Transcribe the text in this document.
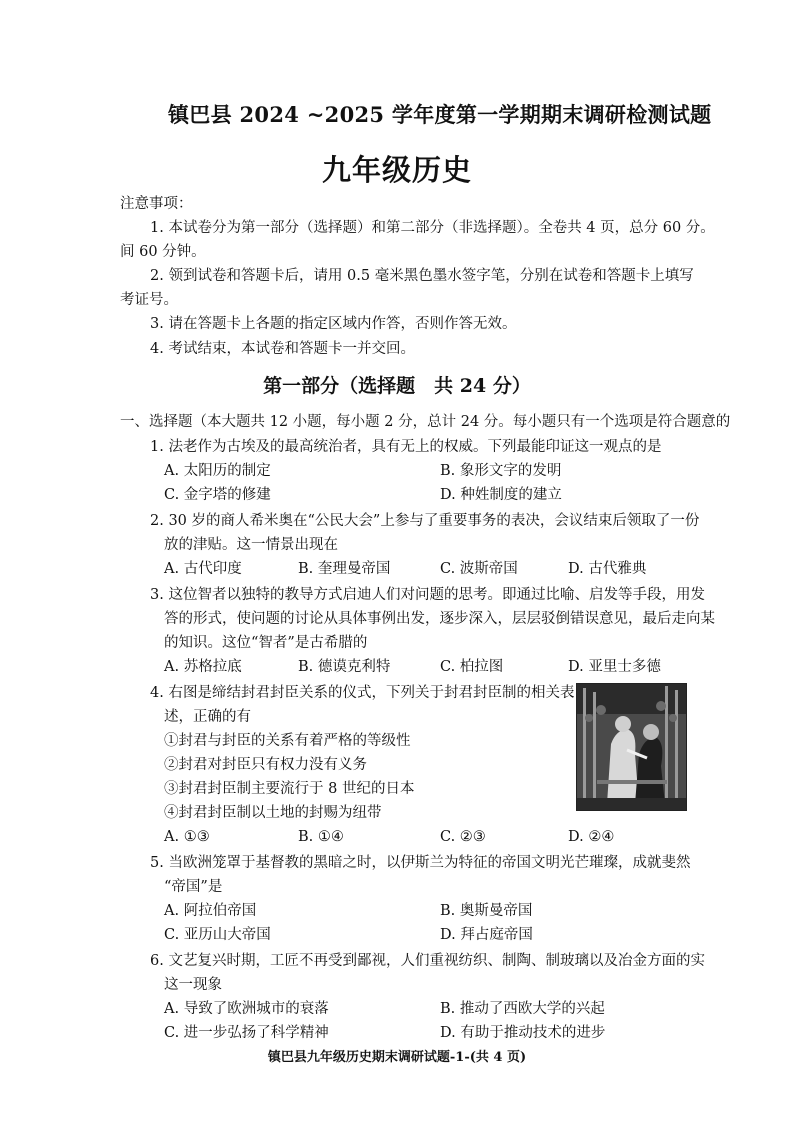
镇巴县 2024 ~2025 学年度第一学期期末调研检测试题
九年级历史
注意事项：
1. 本试卷分为第一部分（选择题）和第二部分（非选择题）。全卷共 4 页，总分 60 分。
间 60 分钟。
2. 领到试卷和答题卡后，请用 0.5 毫米黑色墨水签字笔，分别在试卷和答题卡上填写
考证号。
3. 请在答题卡上各题的指定区域内作答，否则作答无效。
4. 考试结束，本试卷和答题卡一并交回。
第一部分（选择题　共 24 分）
一、选择题（本大题共 12 小题，每小题 2 分，总计 24 分。每小题只有一个选项是符合题意的
1. 法老作为古埃及的最高统治者，具有无上的权威。下列最能印证这一观点的是
A. 太阳历的制定	B. 象形文字的发明
C. 金字塔的修建	D. 种姓制度的建立
2. 30 岁的商人希米奥在“公民大会”上参与了重要事务的表决，会议结束后领取了一份
放的津贴。这一情景出现在
A. 古代印度	B. 奎理曼帝国	C. 波斯帝国	D. 古代雅典
3. 这位智者以独特的教导方式启迪人们对问题的思考。即通过比喻、启发等手段，用发
答的形式，使问题的讨论从具体事例出发，逐步深入，层层驳倒错误意见，最后走向某
的知识。这位“智者”是古希腊的
A. 苏格拉底	B. 德谟克利特	C. 柏拉图	D. 亚里士多德
4. 右图是缔结封君封臣关系的仪式，下列关于封君封臣制的相关表
述，正确的有
①封君与封臣的关系有着严格的等级性
②封君对封臣只有权力没有义务
③封君封臣制主要流行于 8 世纪的日本
④封君封臣制以土地的封赐为纽带
A. ①③	B. ①④	C. ②③	D. ②④
5. 当欧洲笼罩于基督教的黑暗之时，以伊斯兰为特征的帝国文明光芒璀璨，成就斐然
“帝国”是
A. 阿拉伯帝国	B. 奥斯曼帝国
C. 亚历山大帝国	D. 拜占庭帝国
6. 文艺复兴时期，工匠不再受到鄙视，人们重视纺织、制陶、制玻璃以及冶金方面的实
这一现象
A. 导致了欧洲城市的衰落	B. 推动了西欧大学的兴起
C. 进一步弘扬了科学精神	D. 有助于推动技术的进步
镇巴县九年级历史期末调研试题-1-(共 4 页)
